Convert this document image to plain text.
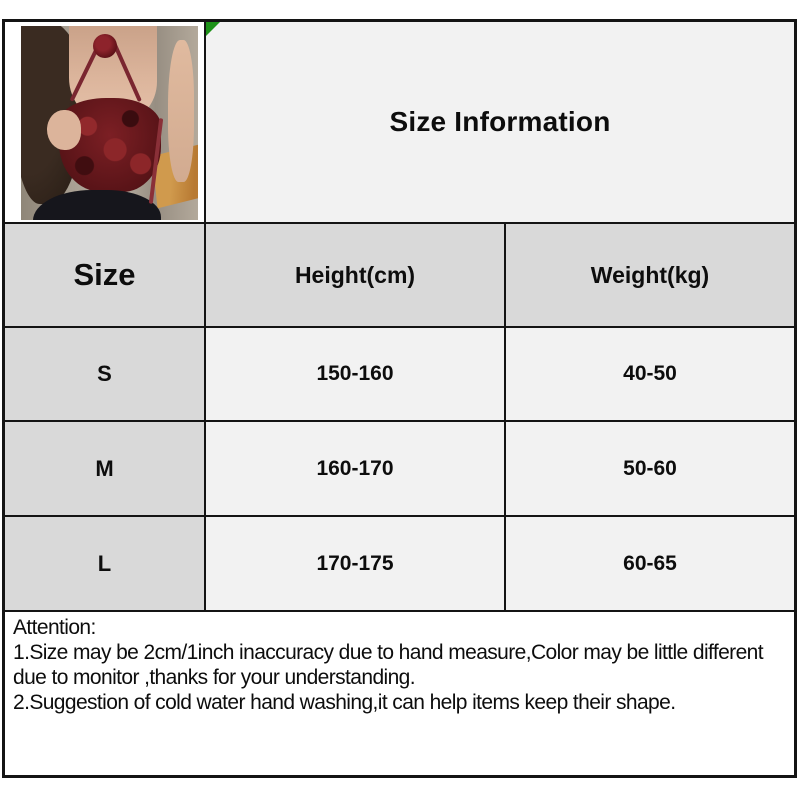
Size Information
Size	Height(cm)	Weight(kg)
S	150-160	40-50
M	160-170	50-60
L	170-175	60-65

Attention:

1.Size may be 2cm/1inch inaccuracy due to hand measure,Color may be little different due to monitor ,thanks for your understanding.

2.Suggestion of cold water hand washing,it can help items keep their shape.
